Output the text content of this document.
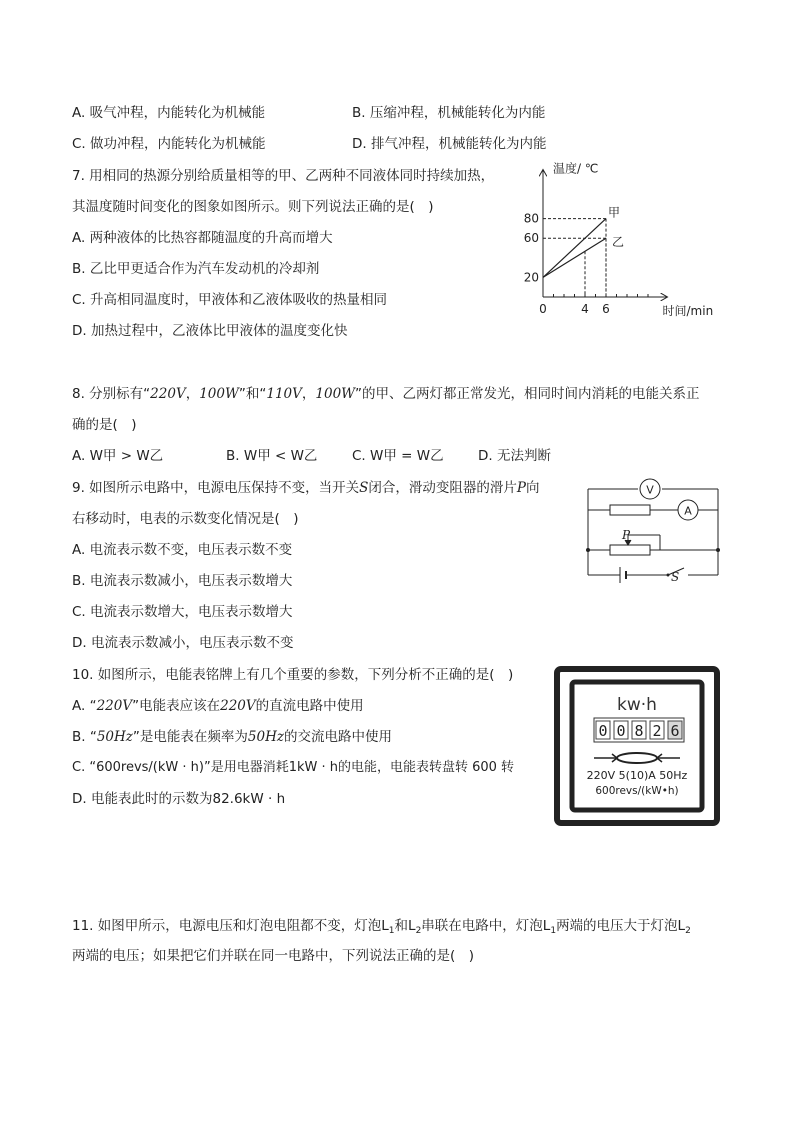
A. 吸气冲程，内能转化为机械能	B. 压缩冲程，机械能转化为内能
C. 做功冲程，内能转化为机械能	D. 排气冲程，机械能转化为内能
7. 用相同的热源分别给质量相等的甲、乙两种不同液体同时持续加热，
其温度随时间变化的图象如图所示。则下列说法正确的是(　)
A. 两种液体的比热容都随温度的升高而增大
B. 乙比甲更适合作为汽车发动机的冷却剂
C. 升高相同温度时，甲液体和乙液体吸收的热量相同
D. 加热过程中，乙液体比甲液体的温度变化快
20
60
80
0	4 6
温度/ ℃
时间/min
甲
乙
8. 分别标有“220V，100W”和“110V，100W”的甲、乙两灯都正常发光，相同时间内消耗的电能关系正
确的是(　)
A. W甲 > W乙	B. W甲 < W乙	C. W甲 = W乙	D. 无法判断
9. 如图所示电路中，电源电压保持不变，当开关S闭合，滑动变阻器的滑片P向
右移动时，电表的示数变化情况是(　)
A. 电流表示数不变，电压表示数不变
B. 电流表示数减小，电压表示数增大
C. 电流表示数增大，电压表示数增大
D. 电流表示数减小，电压表示数不变
V
A
P
S
10. 如图所示，电能表铭牌上有几个重要的参数，下列分析不正确的是(　)
A. “220V”电能表应该在220V的直流电路中使用
B. “50Hz”是电能表在频率为50Hz的交流电路中使用
C. “600revs/(kW · h)”是用电器消耗1kW · h的电能，电能表转盘转 600 转
D. 电能表此时的示数为82.6kW · h
kw·h
0 0 8 2 6
220V 5(10)A 50Hz
600revs/(kW•h)
11. 如图甲所示，电源电压和灯泡电阻都不变，灯泡$L_1$和$L_2$串联在电路中，灯泡$L_1$两端的电压大于灯泡$L_2$
两端的电压；如果把它们并联在同一电路中，下列说法正确的是(　)
